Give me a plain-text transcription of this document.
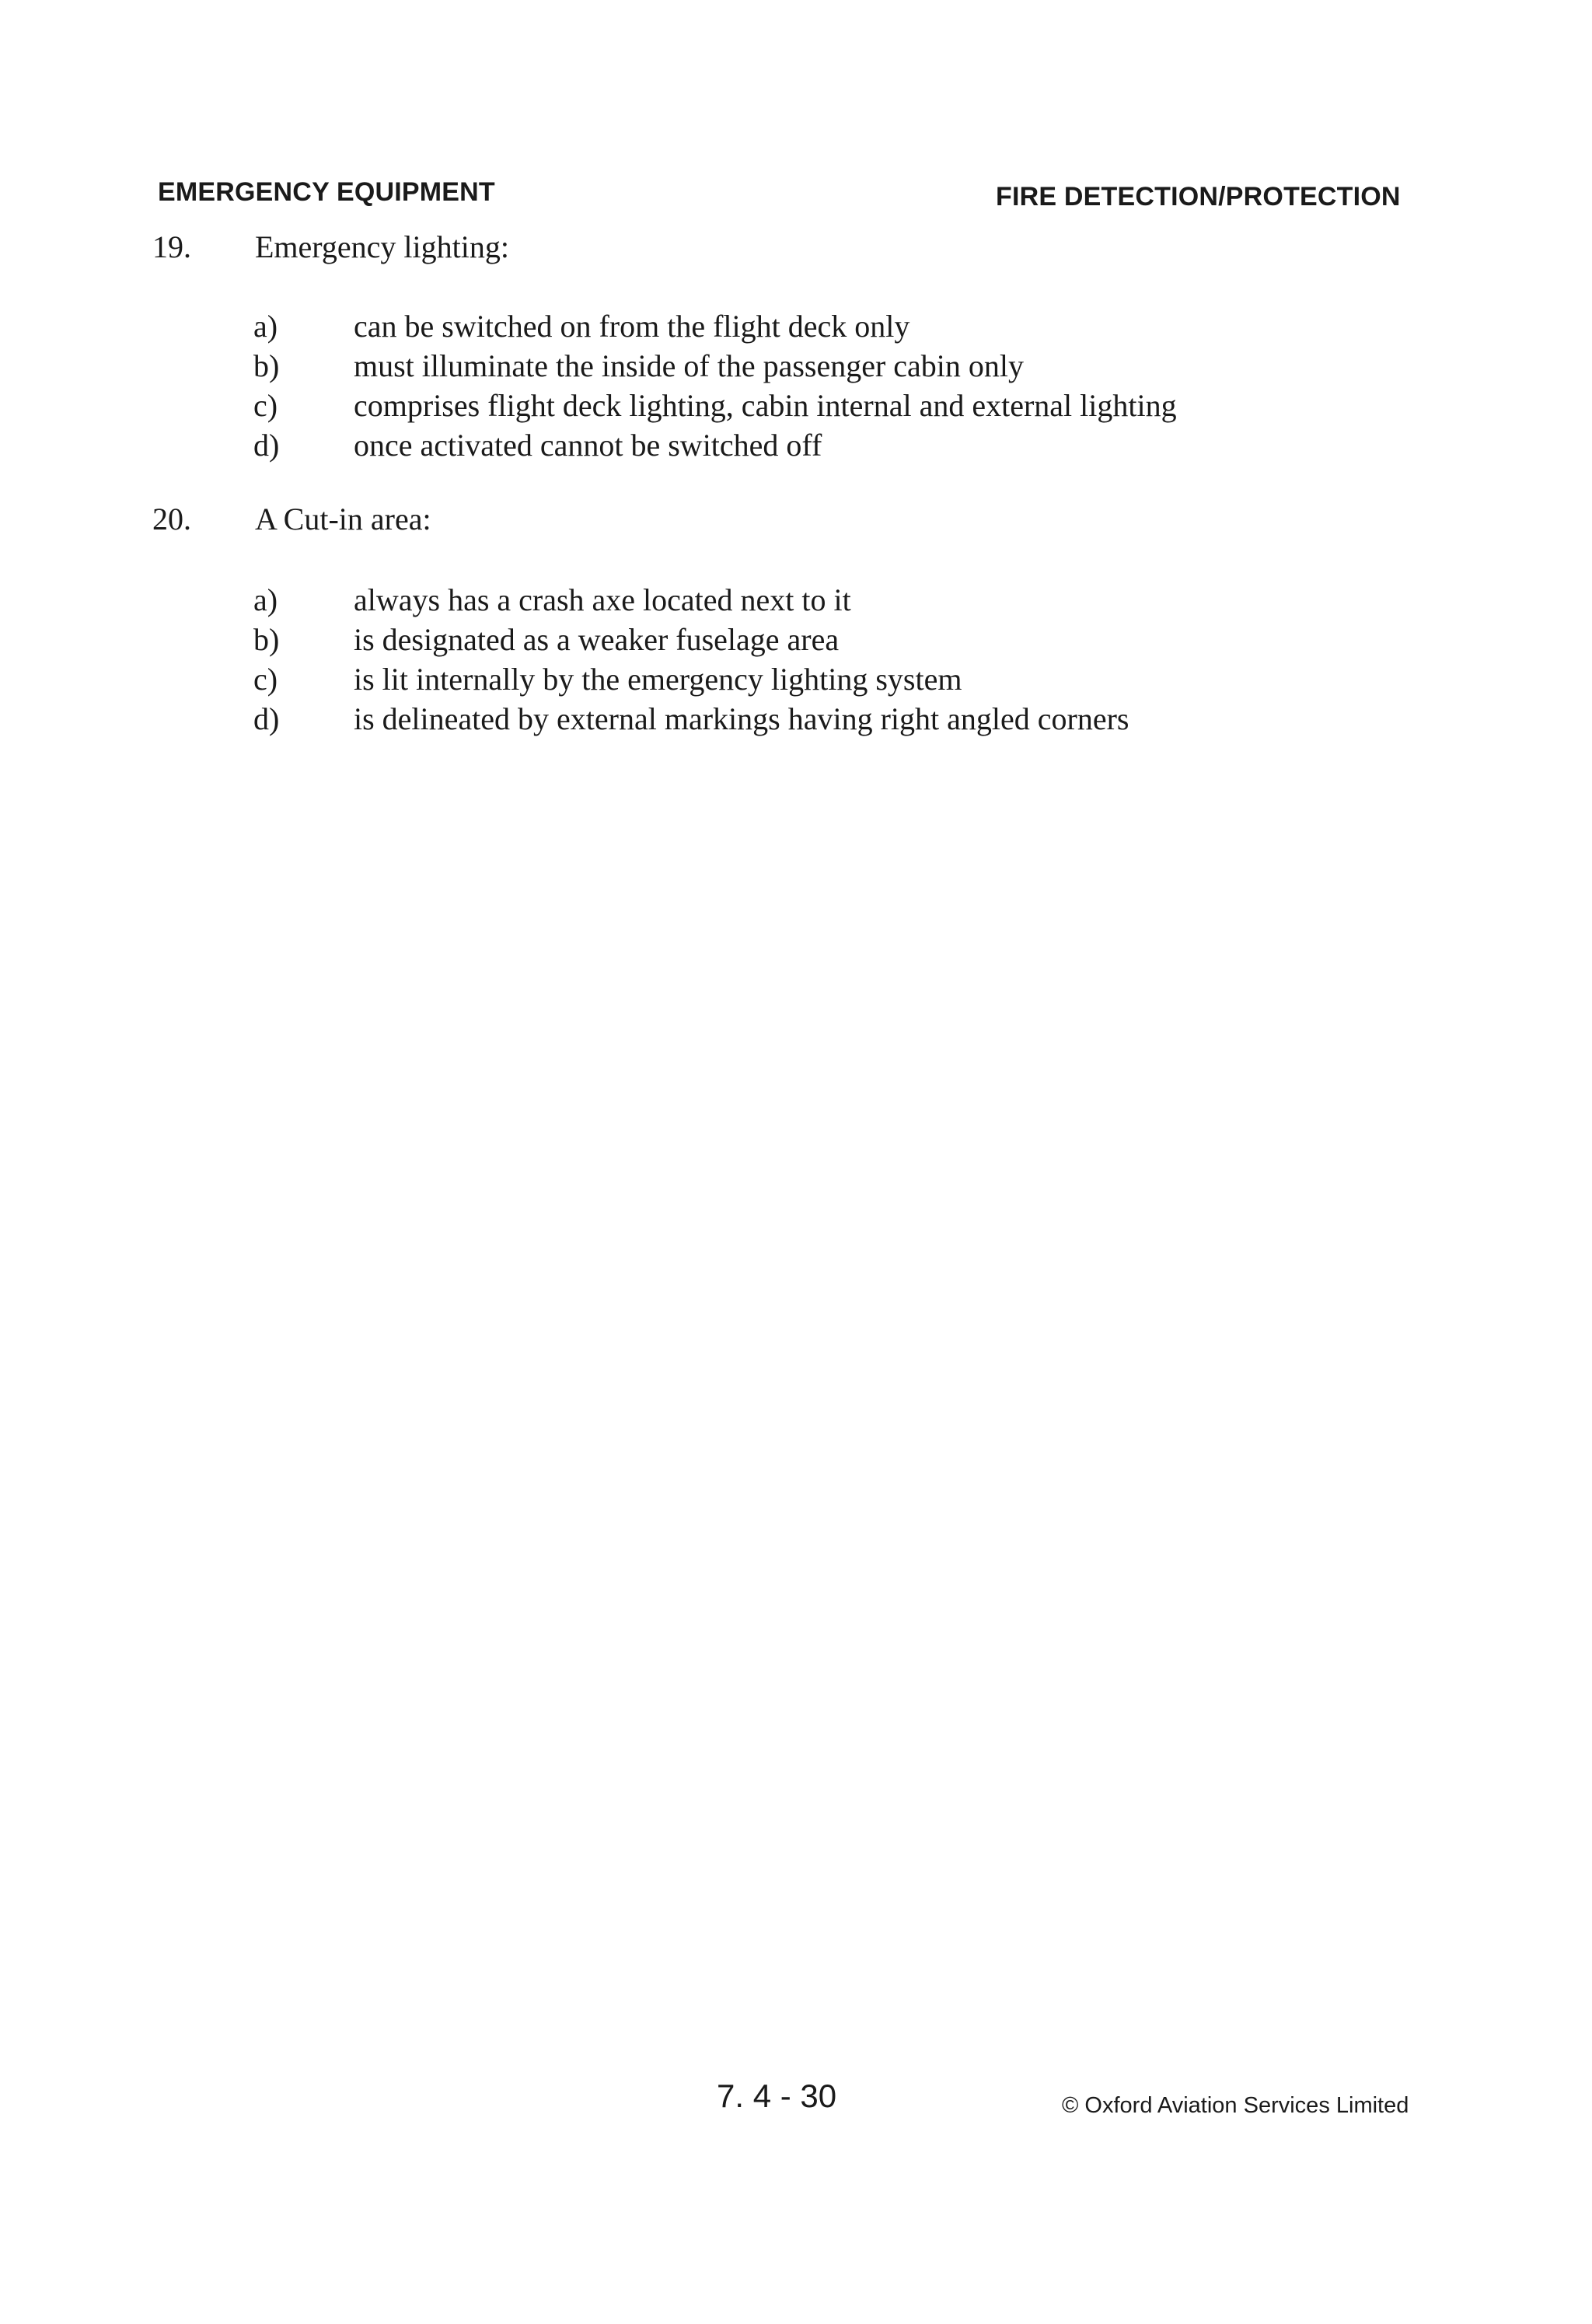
EMERGENCY EQUIPMENT	FIRE DETECTION/PROTECTION
19. Emergency lighting:
a) can be switched on from the flight deck only
b) must illuminate the inside of the passenger cabin only
c) comprises flight deck lighting, cabin internal and external lighting
d) once activated cannot be switched off
20. A Cut-in area:
a) always has a crash axe located next to it
b) is designated as a weaker fuselage area
c) is lit internally by the emergency lighting system
d) is delineated by external markings having right angled corners
7. 4 - 30	© Oxford Aviation Services Limited
